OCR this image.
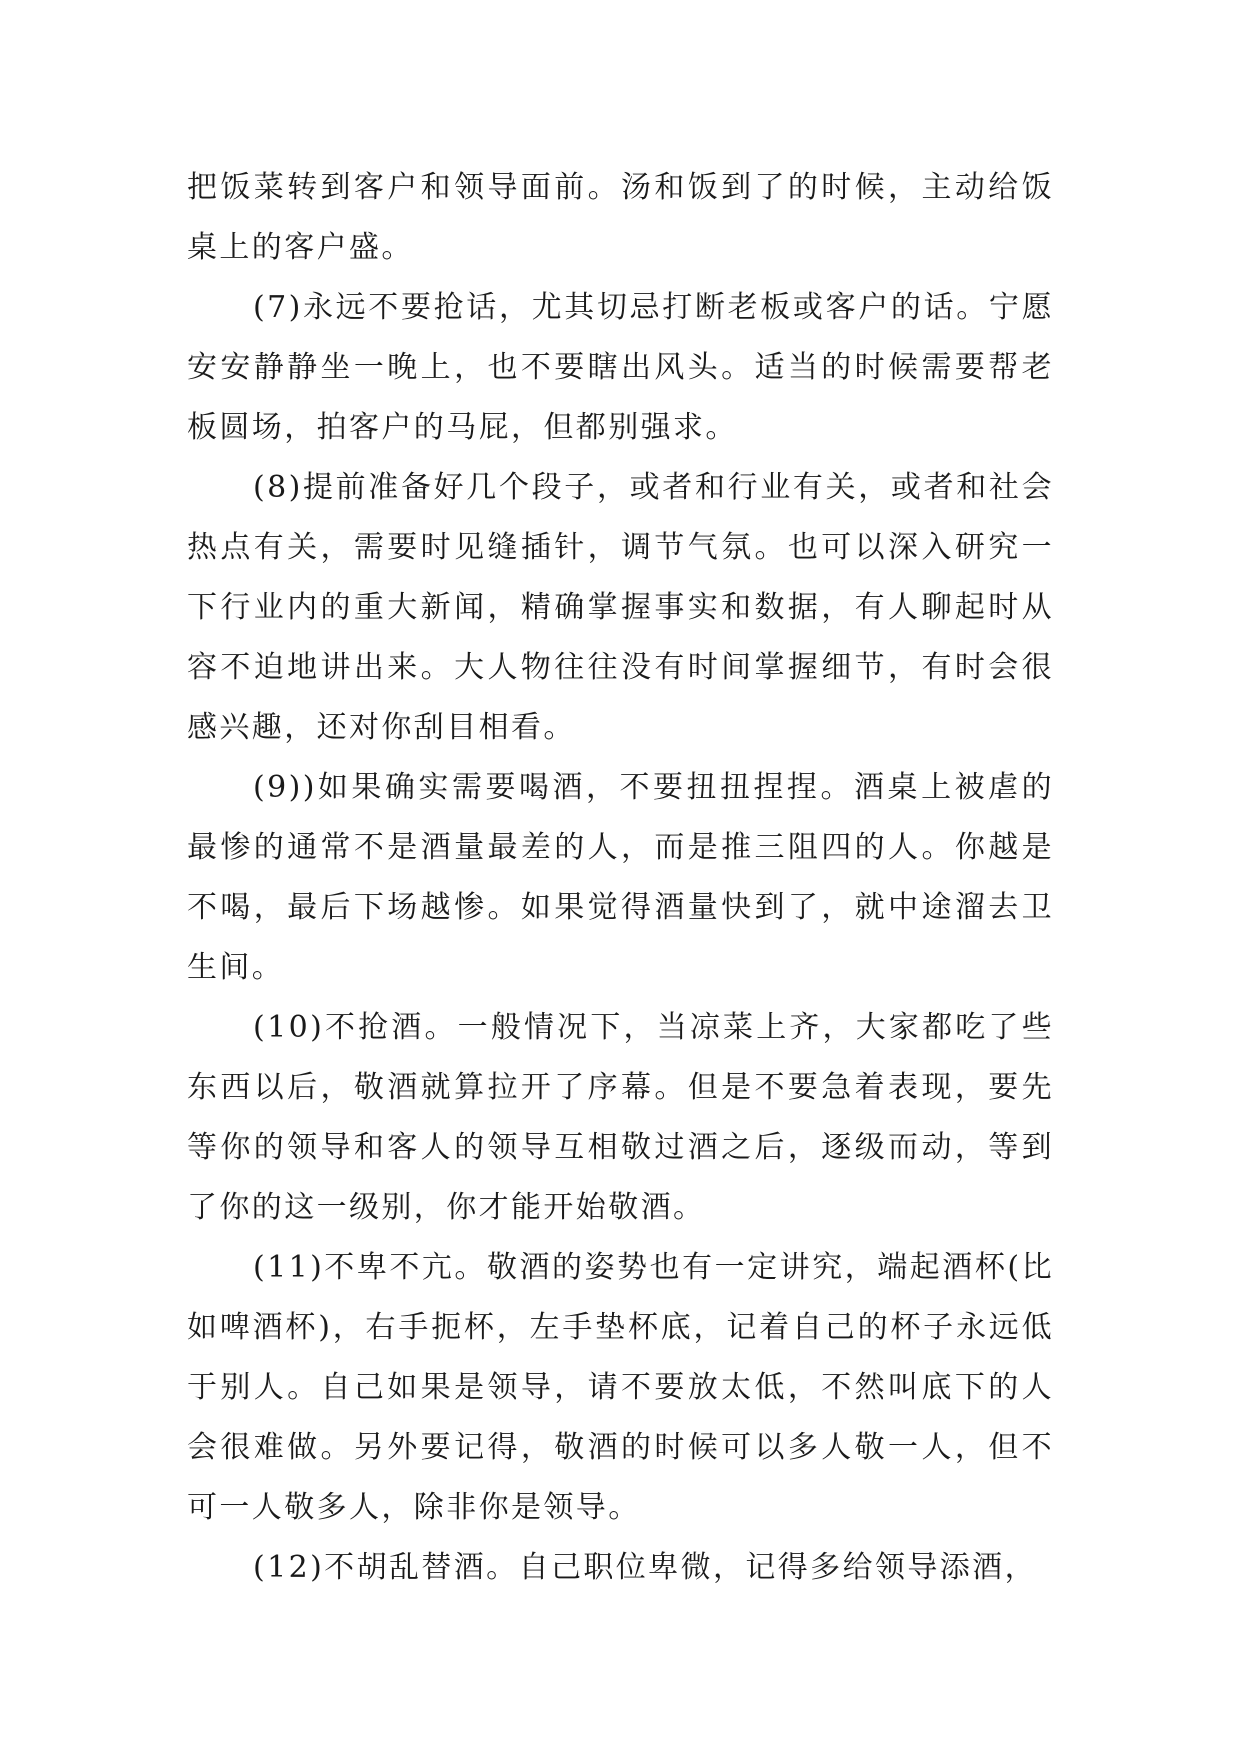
把饭菜转到客户和领导面前。汤和饭到了的时候，主动给饭桌上的客户盛。

(7)永远不要抢话，尤其切忌打断老板或客户的话。宁愿安安静静坐一晚上，也不要瞎出风头。适当的时候需要帮老板圆场，拍客户的马屁，但都别强求。

(8)提前准备好几个段子，或者和行业有关，或者和社会热点有关，需要时见缝插针，调节气氛。也可以深入研究一下行业内的重大新闻，精确掌握事实和数据，有人聊起时从容不迫地讲出来。大人物往往没有时间掌握细节，有时会很感兴趣，还对你刮目相看。

(9))如果确实需要喝酒，不要扭扭捏捏。酒桌上被虐的最惨的通常不是酒量最差的人，而是推三阻四的人。你越是不喝，最后下场越惨。如果觉得酒量快到了，就中途溜去卫生间。

(10)不抢酒。一般情况下，当凉菜上齐，大家都吃了些东西以后，敬酒就算拉开了序幕。但是不要急着表现，要先等你的领导和客人的领导互相敬过酒之后，逐级而动，等到了你的这一级别，你才能开始敬酒。

(11)不卑不亢。敬酒的姿势也有一定讲究，端起酒杯(比如啤酒杯)，右手扼杯，左手垫杯底，记着自己的杯子永远低于别人。自己如果是领导，请不要放太低，不然叫底下的人会很难做。另外要记得，敬酒的时候可以多人敬一人，但不可一人敬多人，除非你是领导。

(12)不胡乱替酒。自己职位卑微，记得多给领导添酒，
